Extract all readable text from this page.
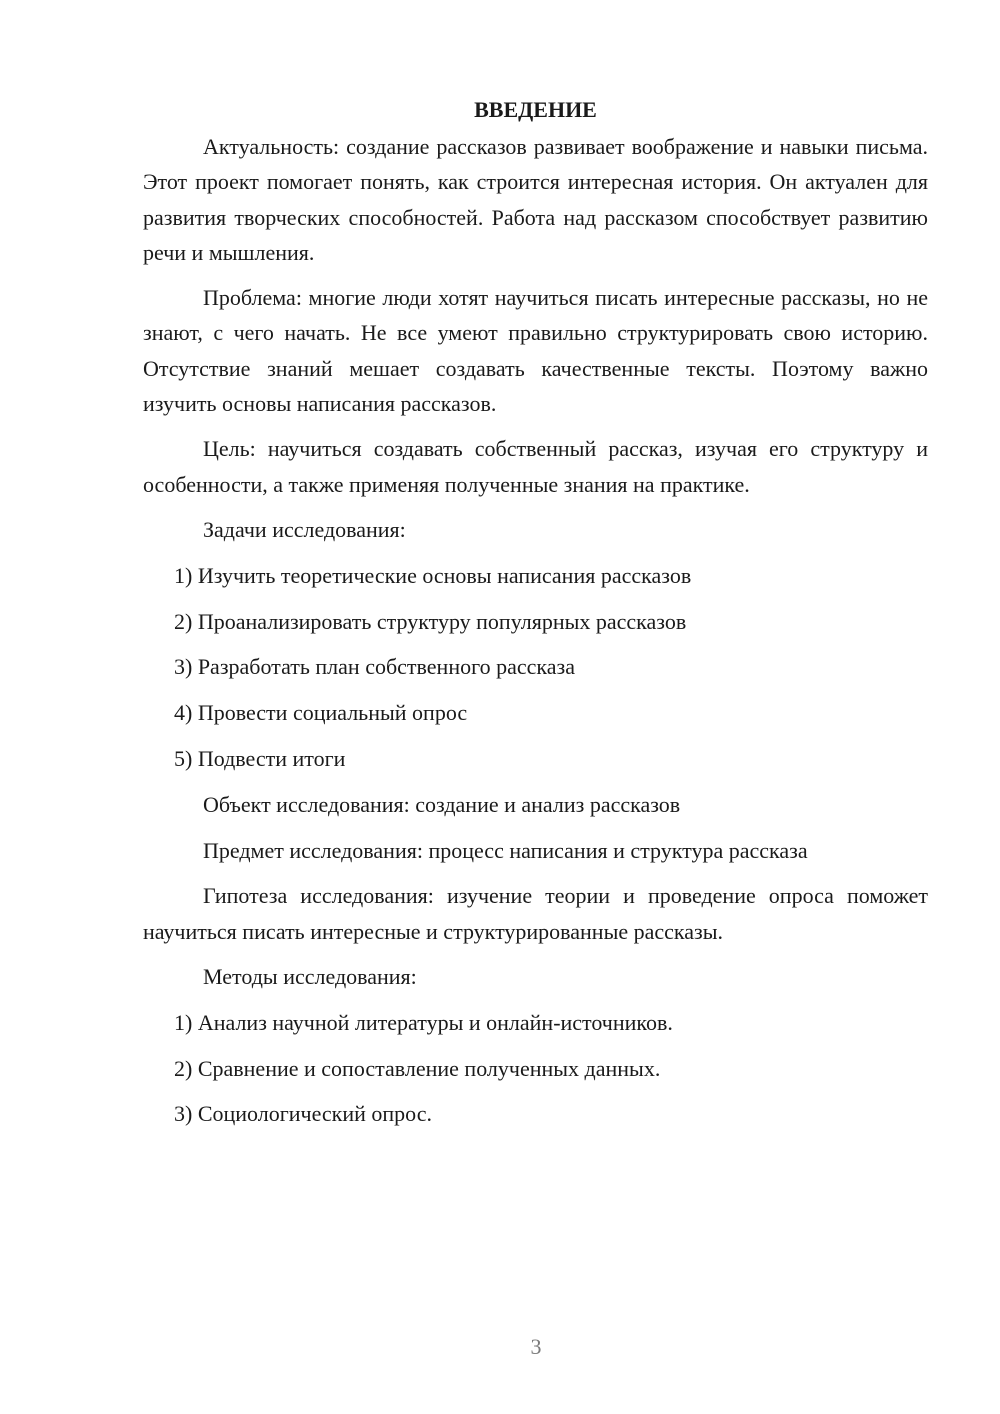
ВВЕДЕНИЕ

Актуальность: создание рассказов развивает воображение и навыки письма. Этот проект помогает понять, как строится интересная история. Он актуален для развития творческих способностей. Работа над рассказом способствует развитию речи и мышления.

Проблема: многие люди хотят научиться писать интересные рассказы, но не знают, с чего начать. Не все умеют правильно структурировать свою историю. Отсутствие знаний мешает создавать качественные тексты. Поэтому важно изучить основы написания рассказов.

Цель: научиться создавать собственный рассказ, изучая его структуру и особенности, а также применяя полученные знания на практике.

Задачи исследования:
1) Изучить теоретические основы написания рассказов
2) Проанализировать структуру популярных рассказов
3) Разработать план собственного рассказа
4) Провести социальный опрос
5) Подвести итоги
Объект исследования: создание и анализ рассказов
Предмет исследования: процесс написания и структура рассказа

Гипотеза исследования: изучение теории и проведение опроса поможет научиться писать интересные и структурированные рассказы.

Методы исследования:
1) Анализ научной литературы и онлайн-источников.
2) Сравнение и сопоставление полученных данных.
3) Социологический опрос.
3
